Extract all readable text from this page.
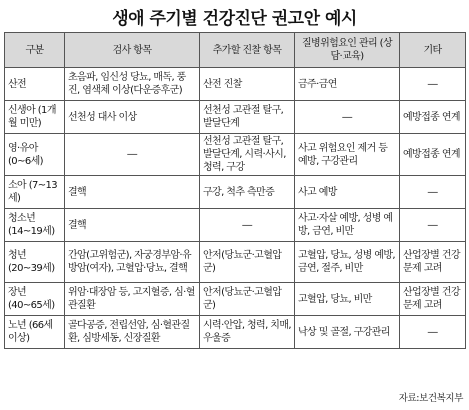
생애 주기별 건강진단 권고안 예시
구분	검사 항목	추가할 진찰 항목	질병위험요인 관리 (상담·교육)	기타
산전	초음파, 임신성 당뇨, 매독, 풍진, 염색체 이상(다운증후군)	산전 진찰	금주·금연	―
신생아 (1개월 미만)	선천성 대사 이상	선천성 고관절 탈구, 발달단계	―	예방접종 연계
영·유아 (0~6세)	―	선천성 고관절 탈구, 발달단계, 시력·사시, 청력, 구강	사고 위험요인 제거 등 예방, 구강관리	예방접종 연계
소아 (7~13세)	결핵	구강, 척추 측만증	사고 예방	―
청소년 (14~19세)	결핵	―	사고·자살 예방, 성병 예방, 금연, 비만	―
청년 (20~39세)	간암(고위험군), 자궁경부암·유방암(여자), 고혈압·당뇨, 결핵	안저(당뇨군·고혈압군)	고혈압, 당뇨, 성병 예방, 금연, 절주, 비만	산업장별 건강 문제 고려
장년 (40~65세)	위암·대장암 등, 고지혈증, 심·혈관질환	안저(당뇨군·고혈압군)	고혈압, 당뇨, 비만	산업장별 건강 문제 고려
노년 (66세 이상)	골다공증, 전립선암, 심·혈관질환, 심방세동, 신장질환	시력·안압, 청력, 치매, 우울증	낙상 및 골절, 구강관리	―
자료:보건복지부
